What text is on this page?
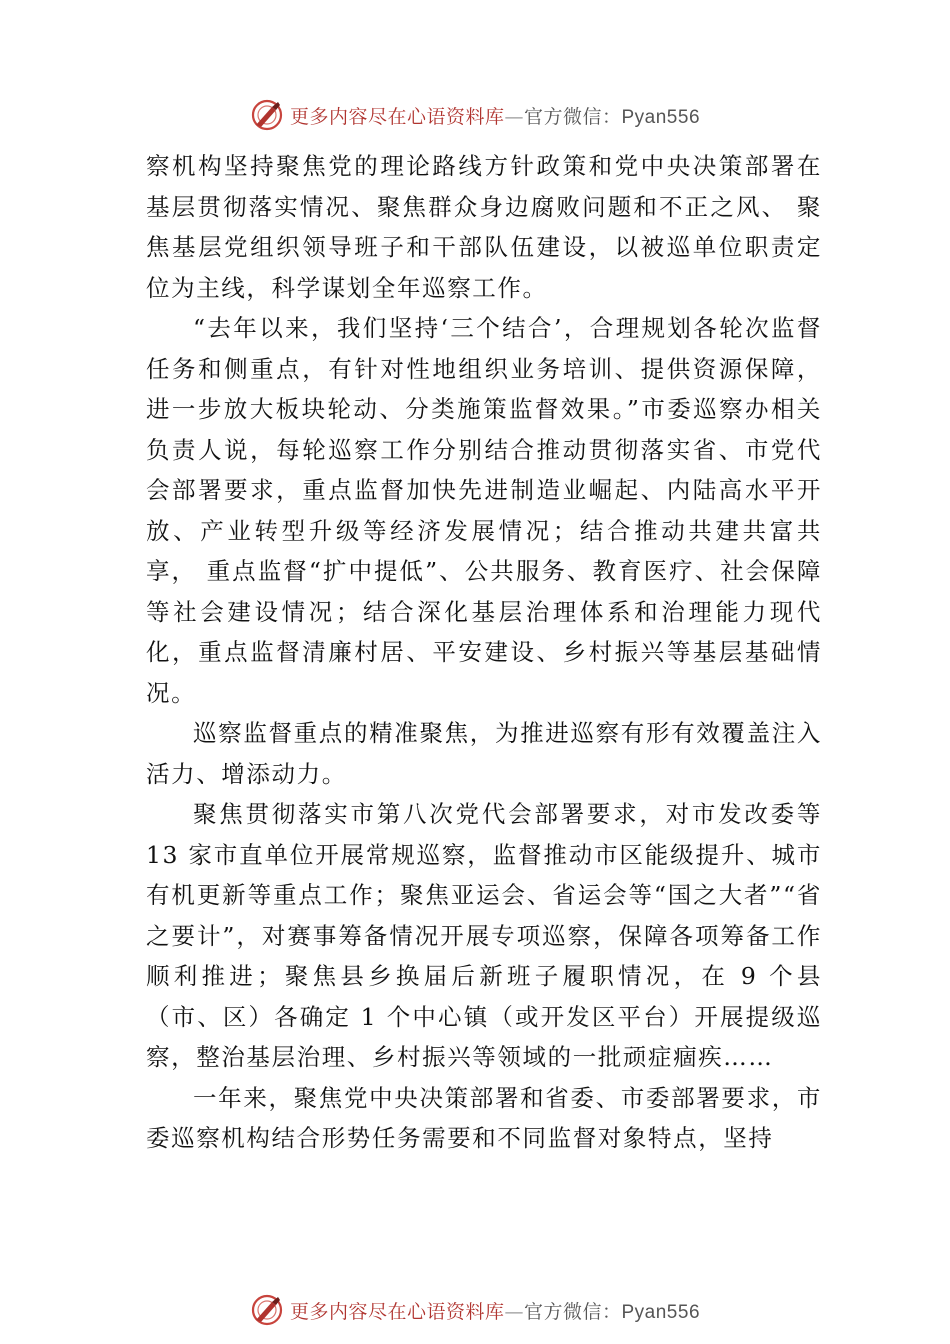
更多内容尽在心语资料库—官方微信：Pyan556

察机构坚持聚焦党的理论路线方针政策和党中央决策部署在基层贯彻落实情况、聚焦群众身边腐败问题和不正之风、 聚焦基层党组织领导班子和干部队伍建设，以被巡单位职责定位为主线，科学谋划全年巡察工作。

“去年以来，我们坚持‘三个结合’，合理规划各轮次监督任务和侧重点，有针对性地组织业务培训、提供资源保障，进一步放大板块轮动、分类施策监督效果。”市委巡察办相关负责人说，每轮巡察工作分别结合推动贯彻落实省、市党代会部署要求，重点监督加快先进制造业崛起、内陆高水平开放、产业转型升级等经济发展情况；结合推动共建共富共享， 重点监督“扩中提低”、公共服务、教育医疗、社会保障等社会建设情况；结合深化基层治理体系和治理能力现代化，重点监督清廉村居、平安建设、乡村振兴等基层基础情况。

巡察监督重点的精准聚焦，为推进巡察有形有效覆盖注入活力、增添动力。

聚焦贯彻落实市第八次党代会部署要求，对市发改委等 13 家市直单位开展常规巡察，监督推动市区能级提升、城市有机更新等重点工作；聚焦亚运会、省运会等“国之大者”“省之要计”，对赛事筹备情况开展专项巡察，保障各项筹备工作顺利推进；聚焦县乡换届后新班子履职情况，在 9 个县（市、区）各确定 1 个中心镇（或开发区平台）开展提级巡察，整治基层治理、乡村振兴等领域的一批顽症痼疾……

一年来，聚焦党中央决策部署和省委、市委部署要求，市委巡察机构结合形势任务需要和不同监督对象特点，坚持

更多内容尽在心语资料库—官方微信：Pyan556
